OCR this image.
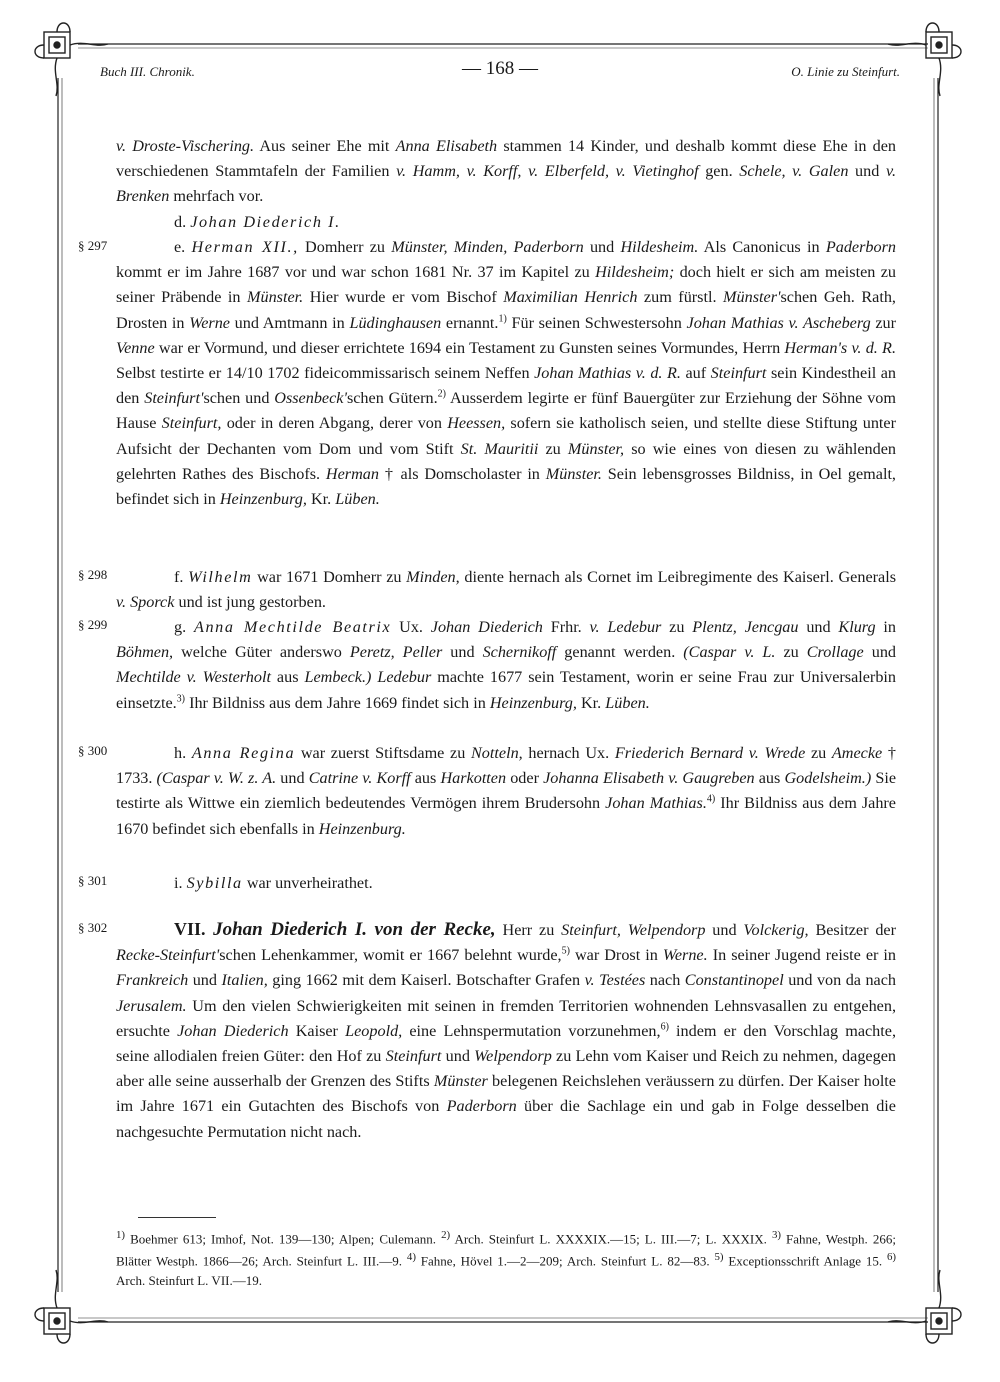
Buch III. Chronik.	— 168 —	O. Linie zu Steinfurt.
§ 297
§ 298
§ 299
§ 300
§ 301
§ 302

v. Droste-Vischering. Aus seiner Ehe mit Anna Elisabeth stammen 14 Kinder, und deshalb kommt diese Ehe in den verschiedenen Stammtafeln der Familien v. Hamm, v. Korff, v. Elberfeld, v. Vietinghof gen. Schele, v. Galen und v. Brenken mehrfach vor.

d. Johan Diederich I.

e. Herman XII., Domherr zu Münster, Minden, Paderborn und Hildesheim. Als Canonicus in Paderborn kommt er im Jahre 1687 vor und war schon 1681 Nr. 37 im Kapitel zu Hildesheim; doch hielt er sich am meisten zu seiner Präbende in Münster. Hier wurde er vom Bischof Maximilian Henrich zum fürstl. Münster'schen Geh. Rath, Drosten in Werne und Amtmann in Lüdinghausen ernannt.$^{1)}$ Für seinen Schwestersohn Johan Mathias v. Ascheberg zur Venne war er Vormund, und dieser errichtete 1694 ein Testament zu Gunsten seines Vormundes, Herrn Herman's v. d. R. Selbst testirte er 14/10 1702 fideicommissarisch seinem Neffen Johan Mathias v. d. R. auf Steinfurt sein Kindestheil an den Steinfurt'schen und Ossenbeck'schen Gütern.$^{2)}$ Ausserdem legirte er fünf Bauergüter zur Erziehung der Söhne vom Hause Steinfurt, oder in deren Abgang, derer von Heessen, sofern sie katholisch seien, und stellte diese Stiftung unter Aufsicht der Dechanten vom Dom und vom Stift St. Mauritii zu Münster, so wie eines von diesen zu wählenden gelehrten Rathes des Bischofs. Herman † als Domscholaster in Münster. Sein lebensgrosses Bildniss, in Oel gemalt, befindet sich in Heinzenburg, Kr. Lüben.

f. Wilhelm war 1671 Domherr zu Minden, diente hernach als Cornet im Leibregimente des Kaiserl. Generals v. Sporck und ist jung gestorben.

g. Anna Mechtilde Beatrix Ux. Johan Diederich Frhr. v. Ledebur zu Plentz, Jencgau und Klurg in Böhmen, welche Güter anderswo Peretz, Peller und Schernikoff genannt werden. (Caspar v. L. zu Crollage und Mechtilde v. Westerholt aus Lembeck.) Ledebur machte 1677 sein Testament, worin er seine Frau zur Universalerbin einsetzte.$^{3)}$ Ihr Bildniss aus dem Jahre 1669 findet sich in Heinzenburg, Kr. Lüben.

h. Anna Regina war zuerst Stiftsdame zu Notteln, hernach Ux. Friederich Bernard v. Wrede zu Amecke † 1733. (Caspar v. W. z. A. und Catrine v. Korff aus Harkotten oder Johanna Elisabeth v. Gaugreben aus Godelsheim.) Sie testirte als Wittwe ein ziemlich bedeutendes Vermögen ihrem Brudersohn Johan Mathias.$^{4)}$ Ihr Bildniss aus dem Jahre 1670 befindet sich ebenfalls in Heinzenburg.

i. Sybilla war unverheirathet.

VII. Johan Diederich I. von der Recke, Herr zu Steinfurt, Welpendorp und Volckerig, Besitzer der Recke-Steinfurt'schen Lehenkammer, womit er 1667 belehnt wurde,$^{5)}$ war Drost in Werne. In seiner Jugend reiste er in Frankreich und Italien, ging 1662 mit dem Kaiserl. Botschafter Grafen v. Testées nach Constantinopel und von da nach Jerusalem. Um den vielen Schwierigkeiten mit seinen in fremden Territorien wohnenden Lehnsvasallen zu entgehen, ersuchte Johan Diederich Kaiser Leopold, eine Lehnspermutation vorzunehmen,$^{6)}$ indem er den Vorschlag machte, seine allodialen freien Güter: den Hof zu Steinfurt und Welpendorp zu Lehn vom Kaiser und Reich zu nehmen, dagegen aber alle seine ausserhalb der Grenzen des Stifts Münster belegenen Reichslehen veräussern zu dürfen. Der Kaiser holte im Jahre 1671 ein Gutachten des Bischofs von Paderborn über die Sachlage ein und gab in Folge desselben die nachgesuchte Permutation nicht nach.

$^{1)}$ Boehmer 613; Imhof, Not. 139—130; Alpen; Culemann. $^{2)}$ Arch. Steinfurt L. XXXXIX.—15; L. III.—7; L. XXXIX. $^{3)}$ Fahne, Westph. 266; Blätter Westph. 1866—26; Arch. Steinfurt L. III.—9. $^{4)}$ Fahne, Hövel 1.—2—209; Arch. Steinfurt L. 82—83. $^{5)}$ Exceptionsschrift Anlage 15. $^{6)}$ Arch. Steinfurt L. VII.—19.
